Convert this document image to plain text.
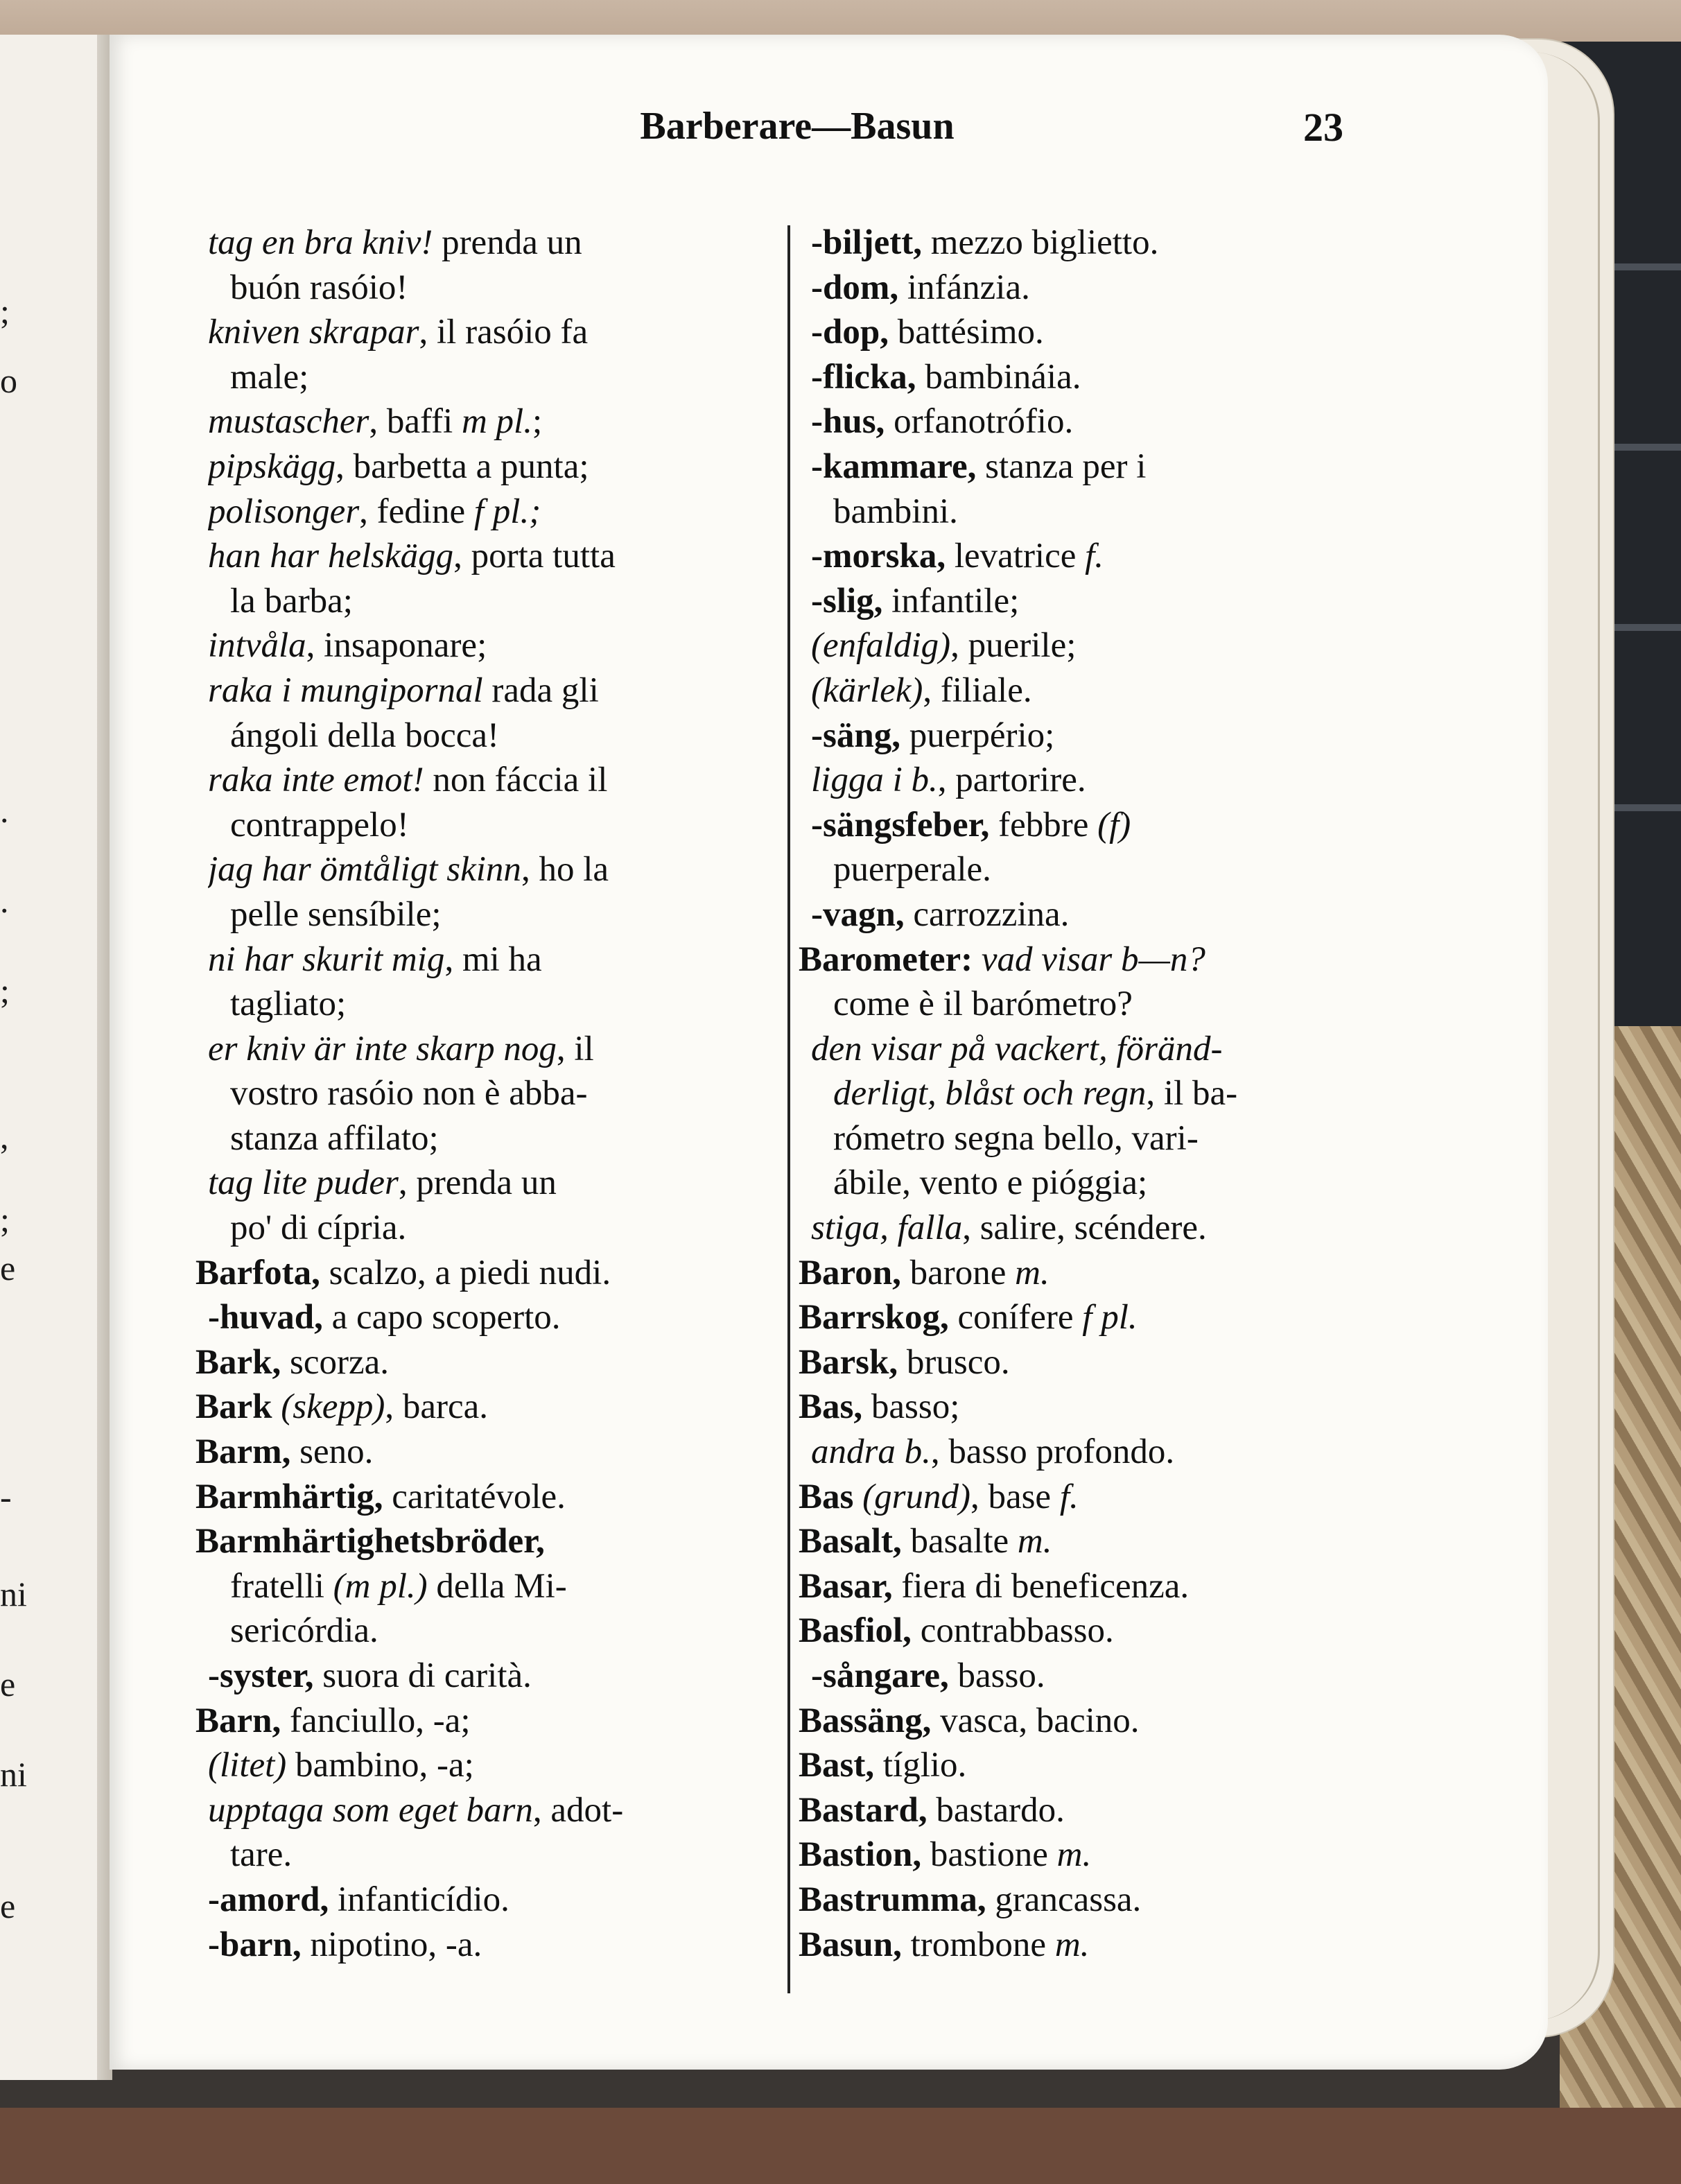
;
o
.
.
;
,
;
e
-
ni
e
ni
e
Barberare—Basun	23
tag en bra kniv! prenda un
buón rasóio!
kniven skrapar, il rasóio fa
male;
mustascher, baffi m pl.;
pipskägg, barbetta a punta;
polisonger, fedine f pl.;
han har helskägg, porta tutta
la barba;
intvåla, insaponare;
raka i mungipornal rada gli
ángoli della bocca!
raka inte emot! non fáccia il
contrappelo!
jag har ömtåligt skinn, ho la
pelle sensíbile;
ni har skurit mig, mi ha
tagliato;
er kniv är inte skarp nog, il
vostro rasóio non è abba-
stanza affilato;
tag lite puder, prenda un
po' di cípria.
Barfota, scalzo, a piedi nudi.
-huvad, a capo scoperto.
Bark, scorza.
Bark (skepp), barca.
Barm, seno.
Barmhärtig, caritatévole.
Barmhärtighetsbröder,
fratelli (m pl.) della Mi-
sericórdia.
-syster, suora di carità.
Barn, fanciullo, -a;
(litet) bambino, -a;
upptaga som eget barn, adot-
tare.
-amord, infanticídio.
-barn, nipotino, -a.
-biljett, mezzo biglietto.
-dom, infánzia.
-dop, battésimo.
-flicka, bambináia.
-hus, orfanotrófio.
-kammare, stanza per i
bambini.
-morska, levatrice f.
-slig, infantile;
(enfaldig), puerile;
(kärlek), filiale.
-säng, puerpério;
ligga i b., partorire.
-sängsfeber, febbre (f)
puerperale.
-vagn, carrozzina.
Barometer: vad visar b—n?
come è il barómetro?
den visar på vackert, föränd-
derligt, blåst och regn, il ba-
rómetro segna bello, vari-
ábile, vento e pióggia;
stiga, falla, salire, scéndere.
Baron, barone m.
Barrskog, conífere f pl.
Barsk, brusco.
Bas, basso;
andra b., basso profondo.
Bas (grund), base f.
Basalt, basalte m.
Basar, fiera di beneficenza.
Basfiol, contrabbasso.
-sångare, basso.
Bassäng, vasca, bacino.
Bast, tíglio.
Bastard, bastardo.
Bastion, bastione m.
Bastrumma, grancassa.
Basun, trombone m.
